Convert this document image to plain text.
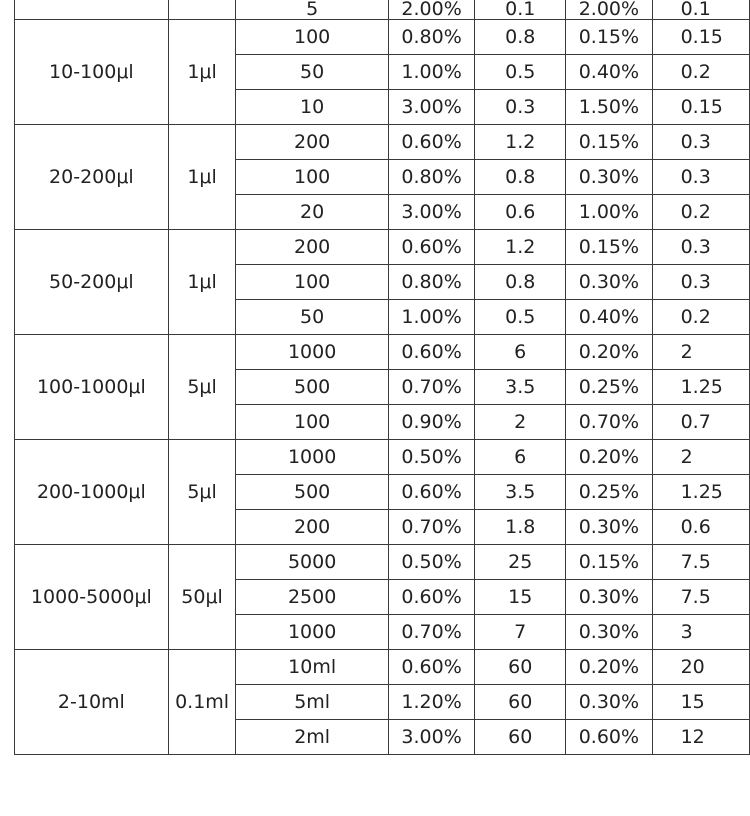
		5	2.00%	0.1	2.00%	0.1
10-100μl	1μl	100	0.80%	0.8	0.15%	0.15
		50	1.00%	0.5	0.40%	0.2
		10	3.00%	0.3	1.50%	0.15
20-200μl	1μl	200	0.60%	1.2	0.15%	0.3
		100	0.80%	0.8	0.30%	0.3
		20	3.00%	0.6	1.00%	0.2
50-200μl	1μl	200	0.60%	1.2	0.15%	0.3
		100	0.80%	0.8	0.30%	0.3
		50	1.00%	0.5	0.40%	0.2
100-1000μl	5μl	1000	0.60%	6	0.20%	2
		500	0.70%	3.5	0.25%	1.25
		100	0.90%	2	0.70%	0.7
200-1000μl	5μl	1000	0.50%	6	0.20%	2
		500	0.60%	3.5	0.25%	1.25
		200	0.70%	1.8	0.30%	0.6
1000-5000μl	50μl	5000	0.50%	25	0.15%	7.5
		2500	0.60%	15	0.30%	7.5
		1000	0.70%	7	0.30%	3
2-10ml	0.1ml	10ml	0.60%	60	0.20%	20
		5ml	1.20%	60	0.30%	15
		2ml	3.00%	60	0.60%	12
